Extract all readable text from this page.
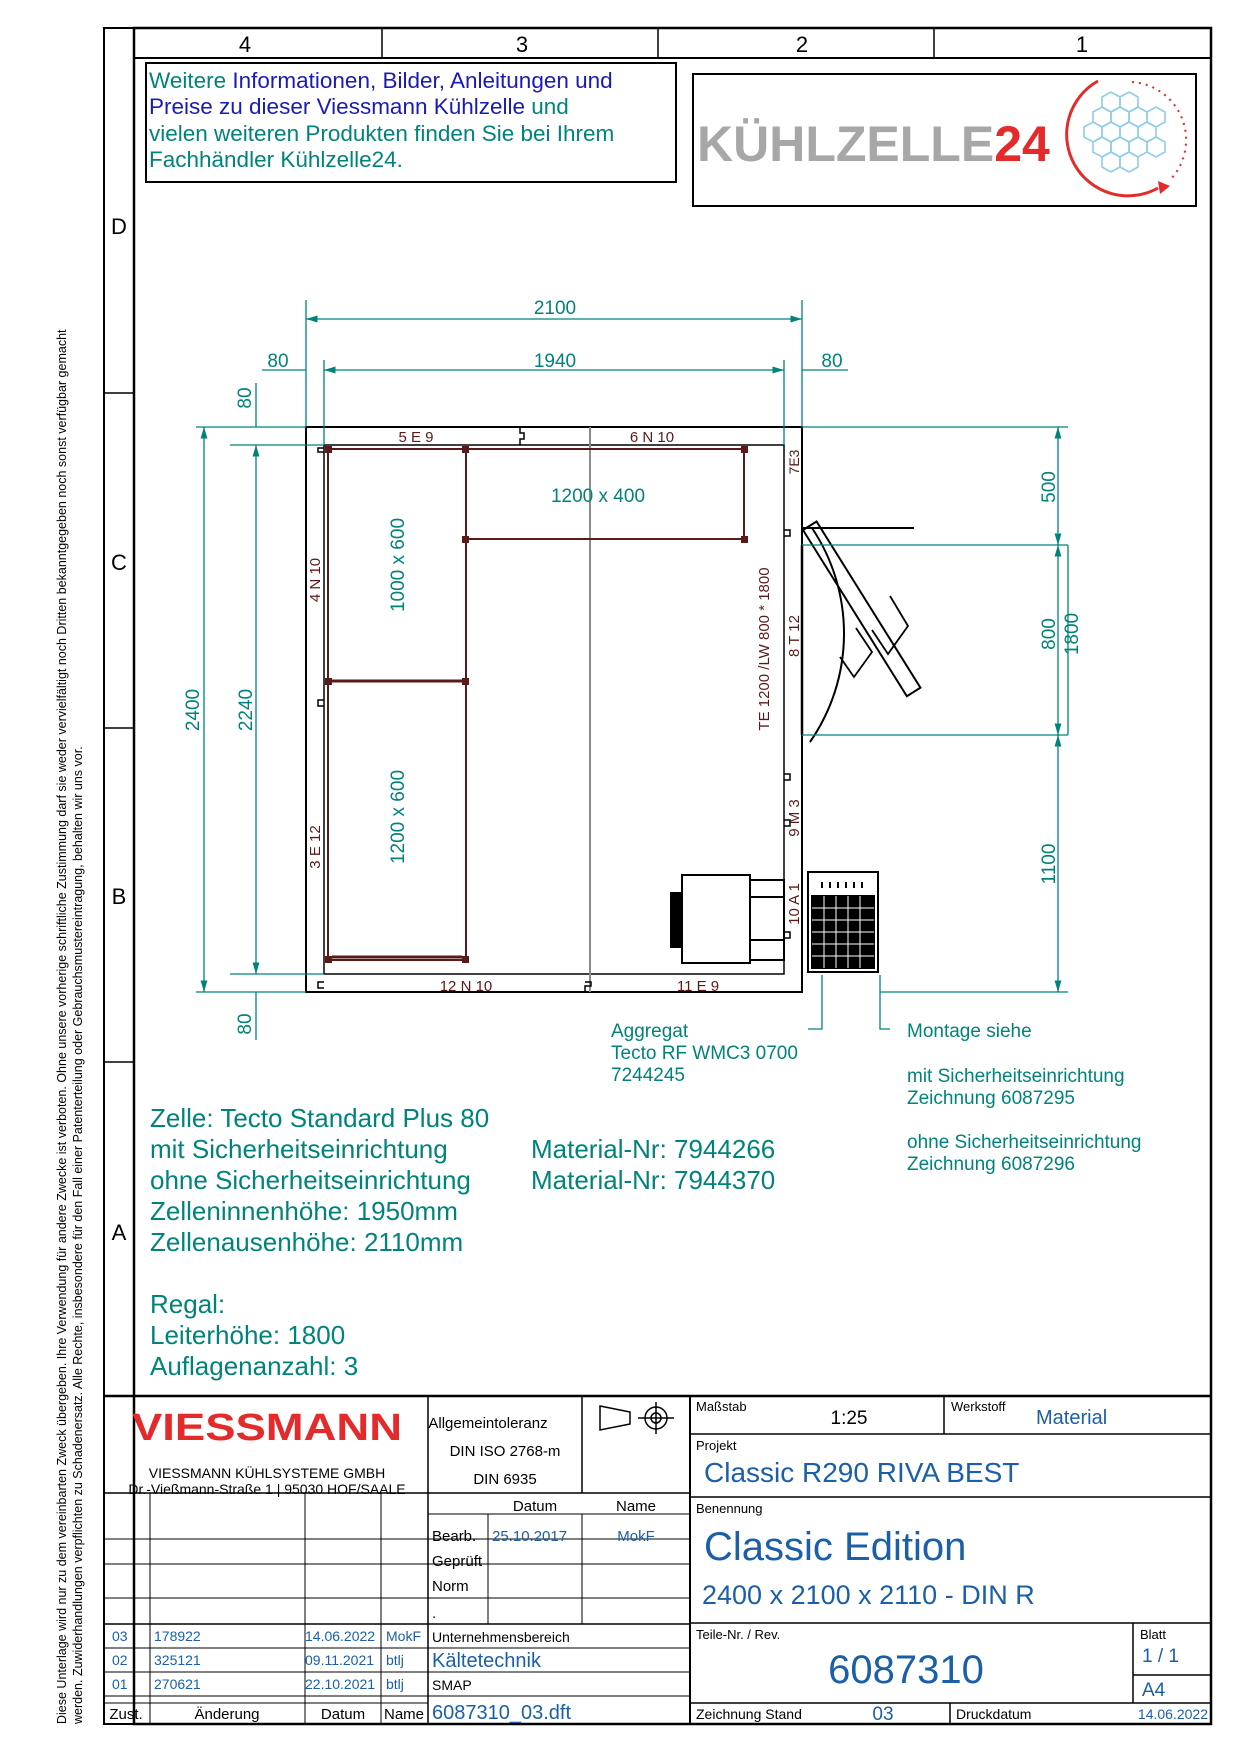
Diese Unterlage wird nur zu dem vereinbarten Zweck übergeben. Ihre Verwendung für andere Zwecke ist verboten. Ohne unsere vorherige schriftliche Zustimmung darf sie weder vervielfältigt noch Dritten bekanntgegeben noch sonst verfügbar gemacht werden. Zuwiderhandlungen verpflichten zu Schadenersatz. Alle Rechte, insbesondere für den Fall einer Patenterteilung oder Gebrauchsmustereintragung, behalten wir uns vor.
4	3	2	1
D
C
B
A
Weitere Informationen, Bilder, Anleitungen und
Preise zu dieser Viessmann Kühlzelle und
vielen weiteren Produkten finden Sie bei Ihrem
Fachhändler Kühlzelle24.	KÜHLZELLE24
1200 x 400
1000 x 600
1200 x 600
5 E 9	6 N 10
12 N 10	11 E 9
4 N 10
3 E 12
7E3
8 T 12
9 M 3
10 A 1
TE 1200 /LW 800 * 1800
2100
1940
80	80
80
80
2400 2240
500
800 1800
1100
Aggregat
Tecto RF WMC3 0700
7244245
Montage siehe
mit Sicherheitseinrichtung
Zeichnung 6087295
ohne Sicherheitseinrichtung
Zeichnung 6087296
Zelle: Tecto Standard Plus 80
mit Sicherheitseinrichtung	Material-Nr: 7944266
ohne Sicherheitseinrichtung Material-Nr: 7944370
Zelleninnenhöhe: 1950mm
Zellenausenhöhe: 2110mm
Regal:
Leiterhöhe: 1800
Auflagenanzahl: 3
VIESSMANN
VIESSMANN KÜHLSYSTEME GMBH
Dr.-Vießmann-Straße 1 | 95030 HOF/SAALE
Allgemeintoleranz
DIN ISO 2768-m
DIN 6935
Maßstab
1:25
Werkstoff
Material
Projekt
Classic R290 RIVA BEST
Benennung
Classic Edition
2400 x 2100 x 2110 - DIN R
Datum	Name
Bearb. 25.10.2017	MokF
Geprüft
Norm
.
03 178922	14.06.2022 MokF
02 325121	09.11.2021 btlj
01 270621	22.10.2021 btlj
Zust.	Änderung	Datum Name
Unternehmensbereich
Kältetechnik
SMAP
6087310_03.dft
Teile-Nr. / Rev.
6087310
Blatt
1 / 1
A4
Zeichnung Stand	03	Druckdatum	14.06.2022
